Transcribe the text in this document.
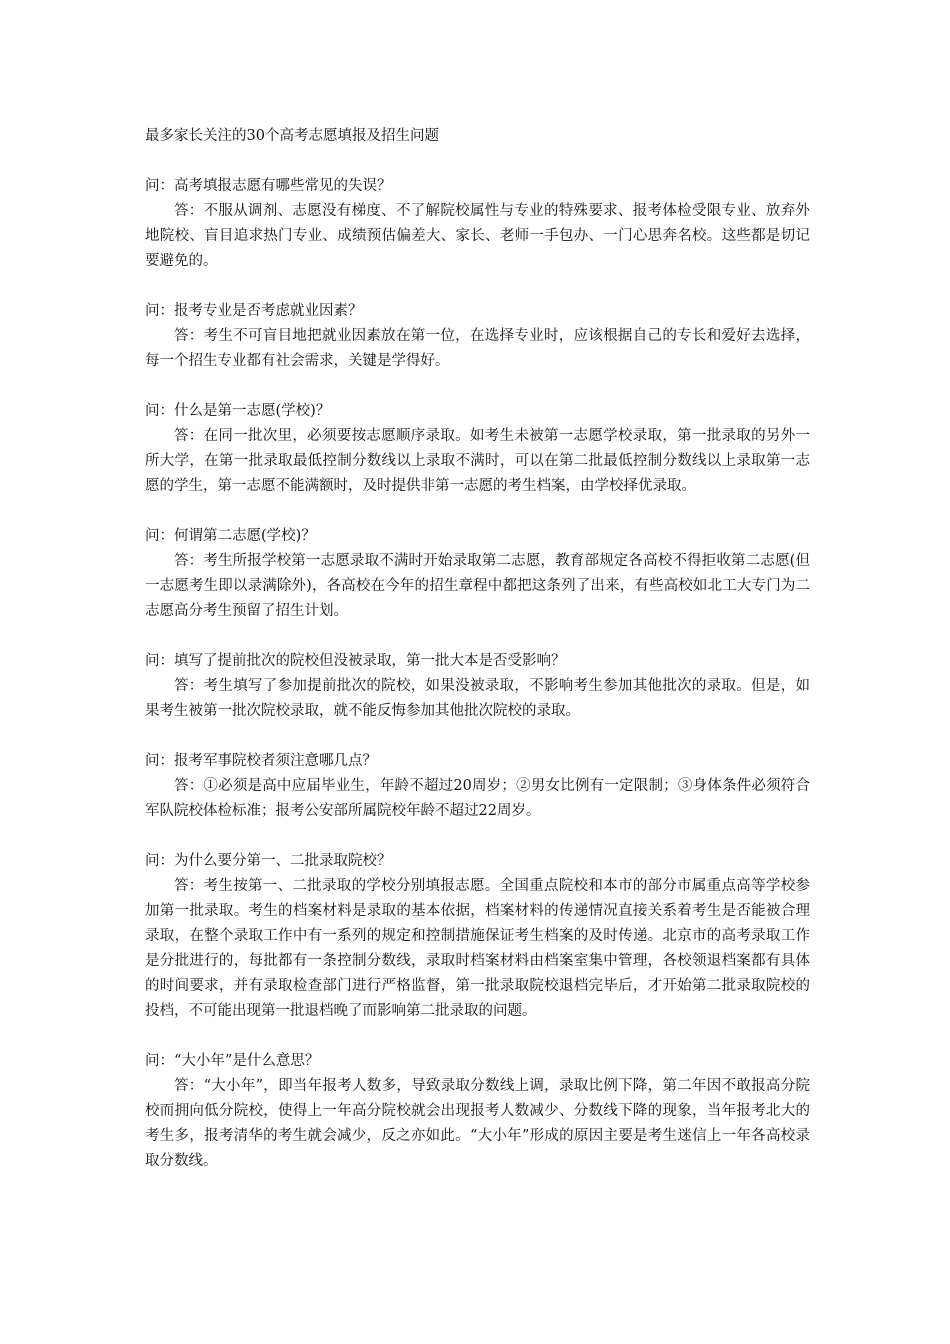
最多家长关注的30个高考志愿填报及招生问题

问：高考填报志愿有哪些常见的失误？

答：不服从调剂、志愿没有梯度、不了解院校属性与专业的特殊要求、报考体检受限专业、放弃外地院校、盲目追求热门专业、成绩预估偏差大、家长、老师一手包办、一门心思奔名校。这些都是切记要避免的。

问：报考专业是否考虑就业因素？

答：考生不可盲目地把就业因素放在第一位，在选择专业时，应该根据自己的专长和爱好去选择，每一个招生专业都有社会需求，关键是学得好。

问：什么是第一志愿(学校)？

答：在同一批次里，必须要按志愿顺序录取。如考生未被第一志愿学校录取，第一批录取的另外一所大学，在第一批录取最低控制分数线以上录取不满时，可以在第二批最低控制分数线以上录取第一志愿的学生，第一志愿不能满额时，及时提供非第一志愿的考生档案，由学校择优录取。

问：何谓第二志愿(学校)？

答：考生所报学校第一志愿录取不满时开始录取第二志愿，教育部规定各高校不得拒收第二志愿(但一志愿考生即以录满除外)，各高校在今年的招生章程中都把这条列了出来，有些高校如北工大专门为二志愿高分考生预留了招生计划。

问：填写了提前批次的院校但没被录取，第一批大本是否受影响？

答：考生填写了参加提前批次的院校，如果没被录取，不影响考生参加其他批次的录取。但是，如果考生被第一批次院校录取，就不能反悔参加其他批次院校的录取。

问：报考军事院校者须注意哪几点？

答：①必须是高中应届毕业生，年龄不超过20周岁；②男女比例有一定限制；③身体条件必须符合军队院校体检标准；报考公安部所属院校年龄不超过22周岁。

问：为什么要分第一、二批录取院校？

答：考生按第一、二批录取的学校分别填报志愿。全国重点院校和本市的部分市属重点高等学校参加第一批录取。考生的档案材料是录取的基本依据，档案材料的传递情况直接关系着考生是否能被合理录取，在整个录取工作中有一系列的规定和控制措施保证考生档案的及时传递。北京市的高考录取工作是分批进行的，每批都有一条控制分数线，录取时档案材料由档案室集中管理，各校领退档案都有具体的时间要求，并有录取检查部门进行严格监督，第一批录取院校退档完毕后，才开始第二批录取院校的投档，不可能出现第一批退档晚了而影响第二批录取的问题。

问：“大小年”是什么意思？

答：“大小年”，即当年报考人数多，导致录取分数线上调，录取比例下降，第二年因不敢报高分院校而拥向低分院校，使得上一年高分院校就会出现报考人数减少、分数线下降的现象，当年报考北大的考生多，报考清华的考生就会减少，反之亦如此。“大小年”形成的原因主要是考生迷信上一年各高校录取分数线。
